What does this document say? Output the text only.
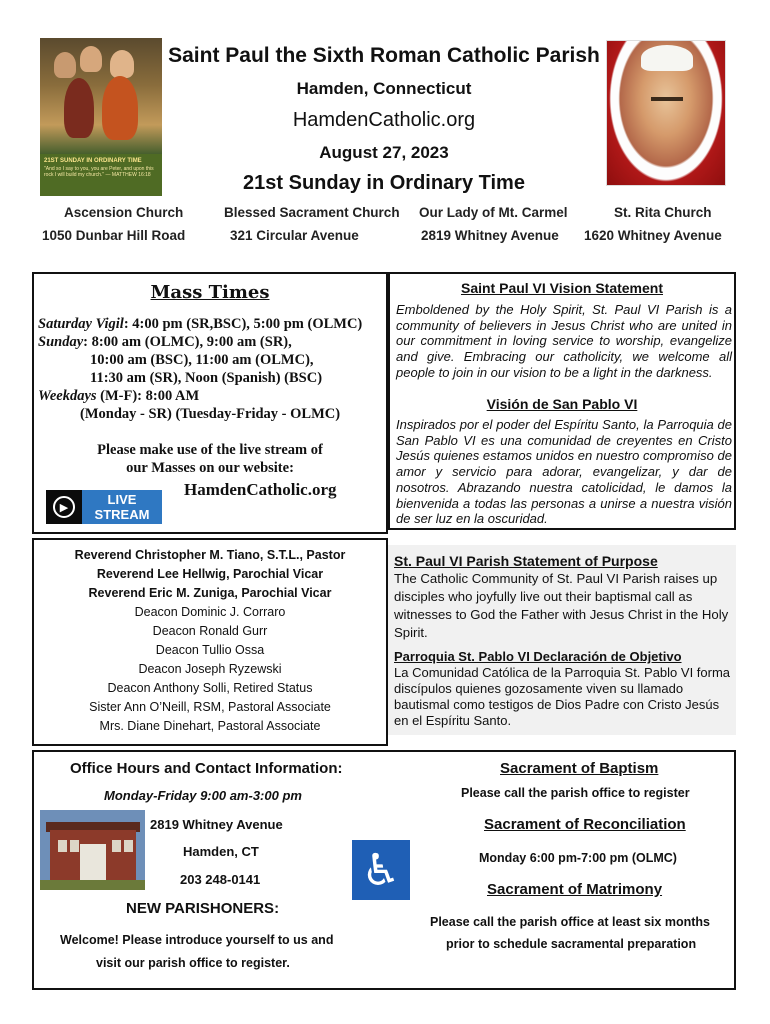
21ST SUNDAY IN ORDINARY TIME
"And so I say to you, you are Peter, and upon this rock I will build my church." — MATTHEW 16:18
Saint Paul the Sixth Roman Catholic Parish
Hamden, Connecticut
HamdenCatholic.org
August 27, 2023
21st Sunday in Ordinary Time
Ascension Church
1050 Dunbar Hill Road
Blessed Sacrament Church
321 Circular Avenue
Our Lady of Mt. Carmel
2819 Whitney Avenue
St. Rita Church
1620 Whitney Avenue
Mass Times
Saturday Vigil: 4:00 pm (SR,BSC), 5:00 pm (OLMC)
Sunday: 8:00 am (OLMC), 9:00 am (SR),
10:00 am (BSC), 11:00 am (OLMC),
11:30 am (SR), Noon (Spanish) (BSC)
Weekdays (M-F): 8:00 AM
(Monday - SR) (Tuesday-Friday - OLMC)
Please make use of the live stream of
our Masses on our website:
▶
LIVE
STREAM
HamdenCatholic.org
Reverend Christopher M. Tiano, S.T.L., Pastor
Reverend Lee Hellwig, Parochial Vicar
Reverend Eric M. Zuniga, Parochial Vicar
Deacon Dominic J. Corraro
Deacon Ronald Gurr
Deacon Tullio Ossa
Deacon Joseph Ryzewski
Deacon Anthony Solli, Retired Status
Sister Ann O’Neill, RSM, Pastoral Associate
Mrs. Diane Dinehart, Pastoral Associate
Saint Paul VI Vision Statement
Emboldened by the Holy Spirit, St. Paul VI Parish is a community of believers in Jesus Christ who are united in our commitment in loving service to worship, evangelize and give. Embracing our catholicity, we welcome all people to join in our vision to be a light in the darkness.
Visión de San Pablo VI
Inspirados por el poder del Espíritu Santo, la Parroquia de San Pablo VI es una comunidad de creyentes en Cristo Jesús quienes estamos unidos en nuestro compromiso de amor y servicio para adorar, evangelizar, y dar de nosotros. Abrazando nuestra catolicidad, le damos la bienvenida a todas las personas a unirse a nuestra visión de ser luz en la oscuridad.
St. Paul VI Parish Statement of Purpose
The Catholic Community of St. Paul VI Parish raises up disciples who joyfully live out their baptismal call as witnesses to God the Father with Jesus Christ in the Holy Spirit.
Parroquia St. Pablo VI Declaración de Objetivo
La Comunidad Católica de la Parroquia St. Pablo VI forma discípulos quienes gozosamente viven su llamado bautismal como testigos de Dios Padre con Cristo Jesús en el Espíritu Santo.
Office Hours and Contact Information:
Monday-Friday 9:00 am-3:00 pm
2819 Whitney Avenue
Hamden, CT
203 248-0141
NEW PARISHONERS:
Welcome! Please introduce yourself to us and
visit our parish office to register.
♿
Sacrament of Baptism
Please call the parish office to register
Sacrament of Reconciliation
Monday 6:00 pm-7:00 pm (OLMC)
Sacrament of Matrimony
Please call the parish office at least six months
prior to schedule sacramental preparation
